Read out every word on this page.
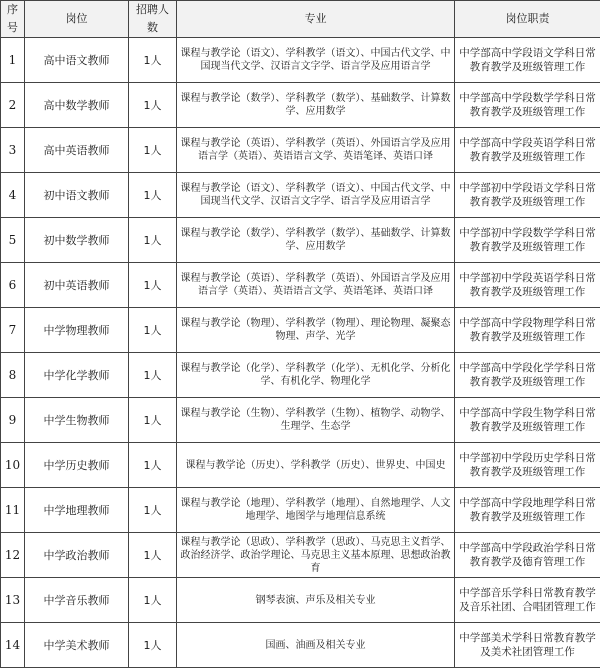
序号	岗位	招聘人数	专业	岗位职责
1	高中语文教师	1人	课程与教学论（语文）、学科教学（语文）、中国古代文学、中国现当代文学、汉语言文字学、语言学及应用语言学	中学部高中学段语文学科日常教育教学及班级管理工作
2	高中数学教师	1人	课程与教学论（数学）、学科教学（数学）、基础数学、计算数学、应用数学	中学部高中学段数学学科日常教育教学及班级管理工作
3	高中英语教师	1人	课程与教学论（英语）、学科教学（英语）、外国语言学及应用语言学（英语）、英语语言文学、英语笔译、英语口译	中学部高中学段英语学科日常教育教学及班级管理工作
4	初中语文教师	1人	课程与教学论（语文）、学科教学（语文）、中国古代文学、中国现当代文学、汉语言文字学、语言学及应用语言学	中学部初中学段语文学科日常教育教学及班级管理工作
5	初中数学教师	1人	课程与教学论（数学）、学科教学（数学）、基础数学、计算数学、应用数学	中学部初中学段数学学科日常教育教学及班级管理工作
6	初中英语教师	1人	课程与教学论（英语）、学科教学（英语）、外国语言学及应用语言学（英语）、英语语言文学、英语笔译、英语口译	中学部初中学段英语学科日常教育教学及班级管理工作
7	中学物理教师	1人	课程与教学论（物理）、学科教学（物理）、理论物理、凝聚态物理、声学、光学	中学部高中学段物理学科日常教育教学及班级管理工作
8	中学化学教师	1人	课程与教学论（化学）、学科教学（化学）、无机化学、分析化学、有机化学、物理化学	中学部高中学段化学学科日常教育教学及班级管理工作
9	中学生物教师	1人	课程与教学论（生物）、学科教学（生物）、植物学、动物学、生理学、生态学	中学部高中学段生物学科日常教育教学及班级管理工作
10	中学历史教师	1人	课程与教学论（历史）、学科教学（历史）、世界史、中国史	中学部初中学段历史学科日常教育教学及班级管理工作
11	中学地理教师	1人	课程与教学论（地理）、学科教学（地理）、自然地理学、人文地理学、地图学与地理信息系统	中学部高中学段地理学科日常教育教学及班级管理工作
12	中学政治教师	1人	课程与教学论（思政）、学科教学（思政）、马克思主义哲学、政治经济学、政治学理论、马克思主义基本原理、思想政治教育	中学部高中学段政治学科日常教育教学及德育管理工作
13	中学音乐教师	1人	钢琴表演、声乐及相关专业	中学部音乐学科日常教育教学及音乐社团、合唱团管理工作
14	中学美术教师	1人	国画、油画及相关专业	中学部美术学科日常教育教学及美术社团管理工作
